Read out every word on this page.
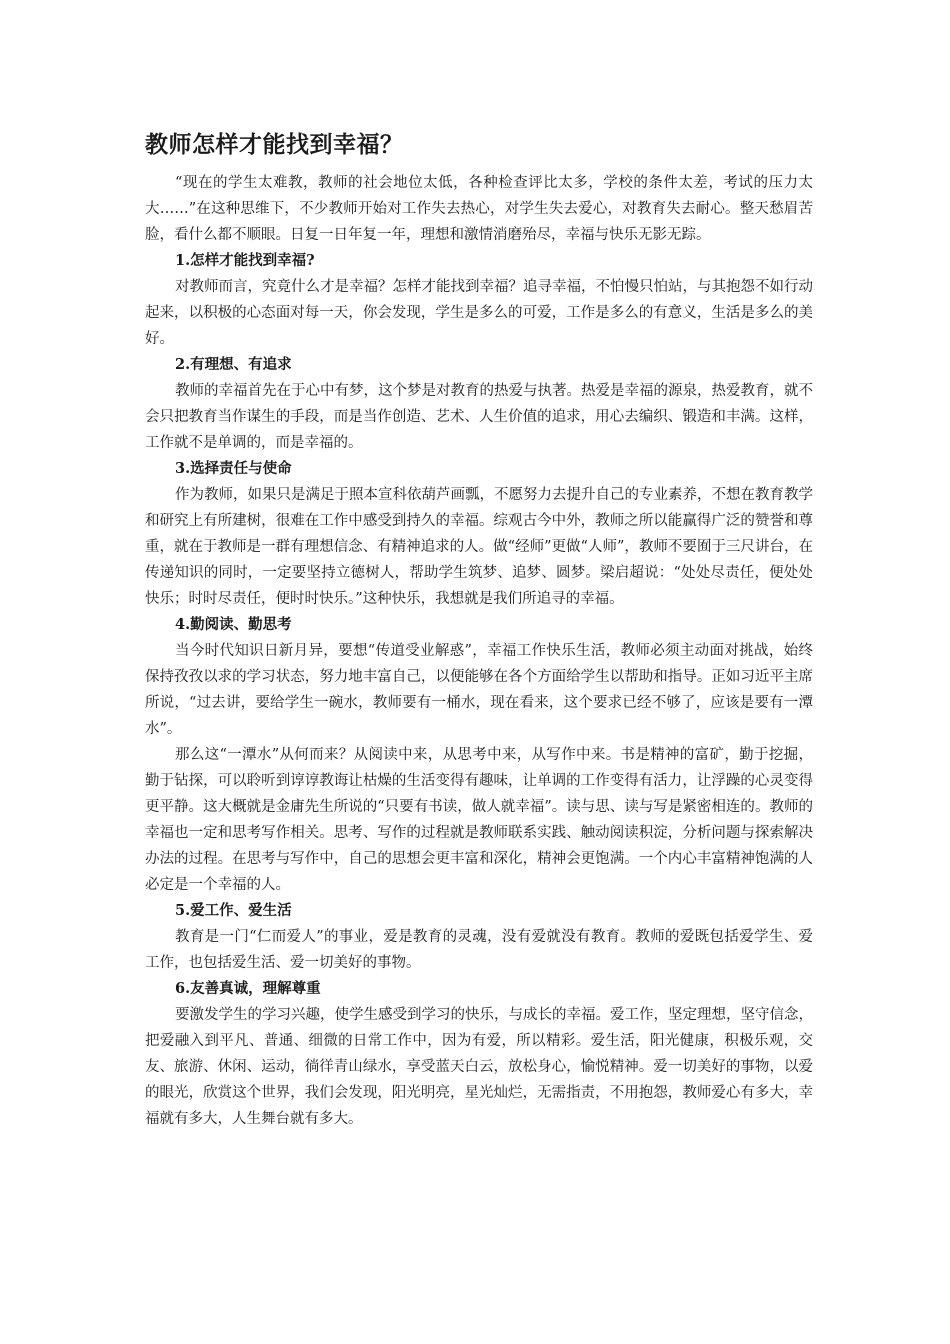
教师怎样才能找到幸福？

“现在的学生太难教，教师的社会地位太低，各种检查评比太多，学校的条件太差，考试的压力太大……”在这种思维下，不少教师开始对工作失去热心，对学生失去爱心，对教育失去耐心。整天愁眉苦脸，看什么都不顺眼。日复一日年复一年，理想和激情消磨殆尽，幸福与快乐无影无踪。

1.怎样才能找到幸福?

对教师而言，究竟什么才是幸福？怎样才能找到幸福？追寻幸福，不怕慢只怕站，与其抱怨不如行动起来，以积极的心态面对每一天，你会发现，学生是多么的可爱，工作是多么的有意义，生活是多么的美好。

2.有理想、有追求

教师的幸福首先在于心中有梦，这个梦是对教育的热爱与执著。热爱是幸福的源泉，热爱教育，就不会只把教育当作谋生的手段，而是当作创造、艺术、人生价值的追求，用心去编织、锻造和丰满。这样，工作就不是单调的，而是幸福的。

3.选择责任与使命

作为教师，如果只是满足于照本宣科依葫芦画瓢，不愿努力去提升自己的专业素养，不想在教育教学和研究上有所建树，很难在工作中感受到持久的幸福。综观古今中外，教师之所以能赢得广泛的赞誉和尊重，就在于教师是一群有理想信念、有精神追求的人。做“经师”更做“人师”，教师不要囿于三尺讲台，在传递知识的同时，一定要坚持立德树人，帮助学生筑梦、追梦、圆梦。梁启超说：“处处尽责任，便处处快乐；时时尽责任，便时时快乐。”这种快乐，我想就是我们所追寻的幸福。

4.勤阅读、勤思考

当今时代知识日新月异，要想“传道受业解惑”，幸福工作快乐生活，教师必须主动面对挑战，始终保持孜孜以求的学习状态，努力地丰富自己，以便能够在各个方面给学生以帮助和指导。正如习近平主席所说，“过去讲，要给学生一碗水，教师要有一桶水，现在看来，这个要求已经不够了，应该是要有一潭水”。

那么这“一潭水”从何而来？从阅读中来，从思考中来，从写作中来。书是精神的富矿，勤于挖掘，勤于钻探，可以聆听到谆谆教诲让枯燥的生活变得有趣味，让单调的工作变得有活力，让浮躁的心灵变得更平静。这大概就是金庸先生所说的“只要有书读，做人就幸福”。读与思、读与写是紧密相连的。教师的幸福也一定和思考写作相关。思考、写作的过程就是教师联系实践、触动阅读积淀，分析问题与探索解决办法的过程。在思考与写作中，自己的思想会更丰富和深化，精神会更饱满。一个内心丰富精神饱满的人必定是一个幸福的人。

5.爱工作、爱生活

教育是一门“仁而爱人”的事业，爱是教育的灵魂，没有爱就没有教育。教师的爱既包括爱学生、爱工作，也包括爱生活、爱一切美好的事物。

6.友善真诚，理解尊重

要激发学生的学习兴趣，使学生感受到学习的快乐，与成长的幸福。爱工作，坚定理想，坚守信念，把爱融入到平凡、普通、细微的日常工作中，因为有爱，所以精彩。爱生活，阳光健康，积极乐观，交友、旅游、休闲、运动，徜徉青山绿水，享受蓝天白云，放松身心，愉悦精神。爱一切美好的事物，以爱的眼光，欣赏这个世界，我们会发现，阳光明亮，星光灿烂，无需指责，不用抱怨，教师爱心有多大，幸福就有多大，人生舞台就有多大。
